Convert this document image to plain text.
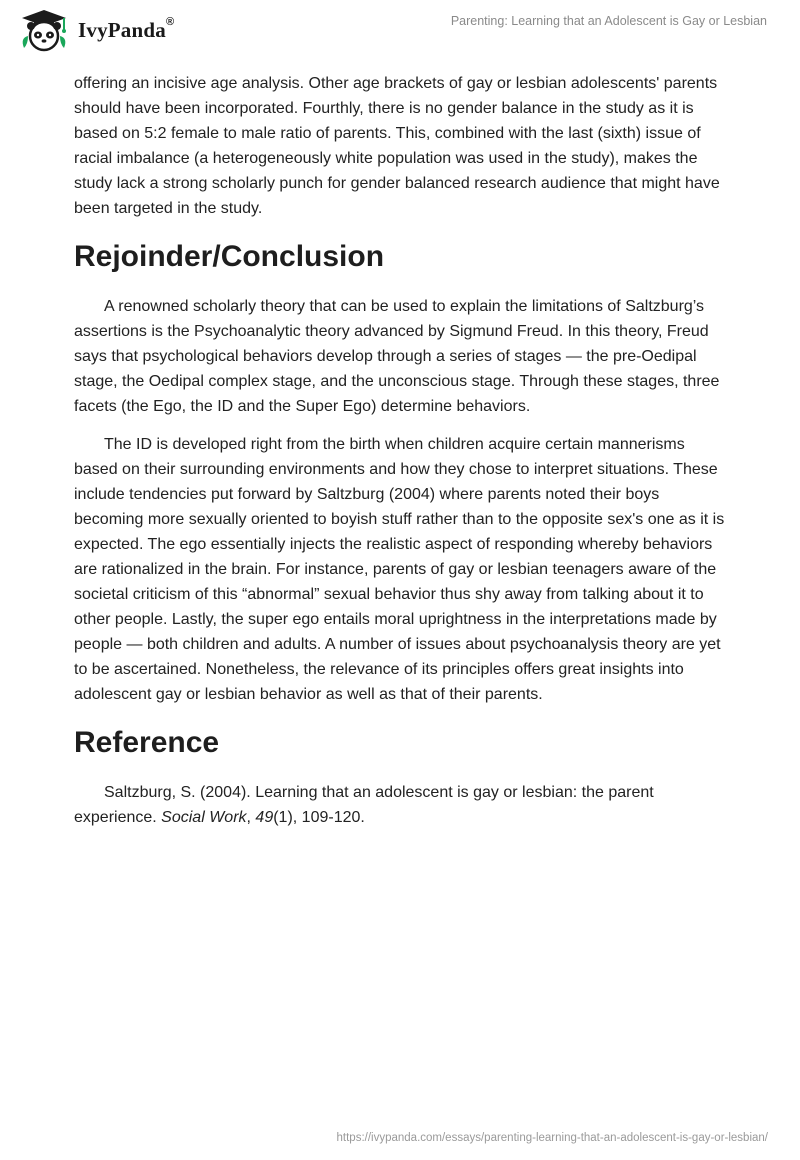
IvyPanda®	Parenting: Learning that an Adolescent is Gay or Lesbian

offering an incisive age analysis. Other age brackets of gay or lesbian adolescents' parents should have been incorporated. Fourthly, there is no gender balance in the study as it is based on 5:2 female to male ratio of parents. This, combined with the last (sixth) issue of racial imbalance (a heterogeneously white population was used in the study), makes the study lack a strong scholarly punch for gender balanced research audience that might have been targeted in the study.

Rejoinder/Conclusion

A renowned scholarly theory that can be used to explain the limitations of Saltzburg’s assertions is the Psychoanalytic theory advanced by Sigmund Freud. In this theory, Freud says that psychological behaviors develop through a series of stages — the pre-Oedipal stage, the Oedipal complex stage, and the unconscious stage. Through these stages, three facets (the Ego, the ID and the Super Ego) determine behaviors.

The ID is developed right from the birth when children acquire certain mannerisms based on their surrounding environments and how they chose to interpret situations. These include tendencies put forward by Saltzburg (2004) where parents noted their boys becoming more sexually oriented to boyish stuff rather than to the opposite sex's one as it is expected. The ego essentially injects the realistic aspect of responding whereby behaviors are rationalized in the brain. For instance, parents of gay or lesbian teenagers aware of the societal criticism of this “abnormal” sexual behavior thus shy away from talking about it to other people. Lastly, the super ego entails moral uprightness in the interpretations made by people — both children and adults. A number of issues about psychoanalysis theory are yet to be ascertained. Nonetheless, the relevance of its principles offers great insights into adolescent gay or lesbian behavior as well as that of their parents.

Reference

Saltzburg, S. (2004). Learning that an adolescent is gay or lesbian: the parent experience. Social Work, 49(1), 109-120.

https://ivypanda.com/essays/parenting-learning-that-an-adolescent-is-gay-or-lesbian/
